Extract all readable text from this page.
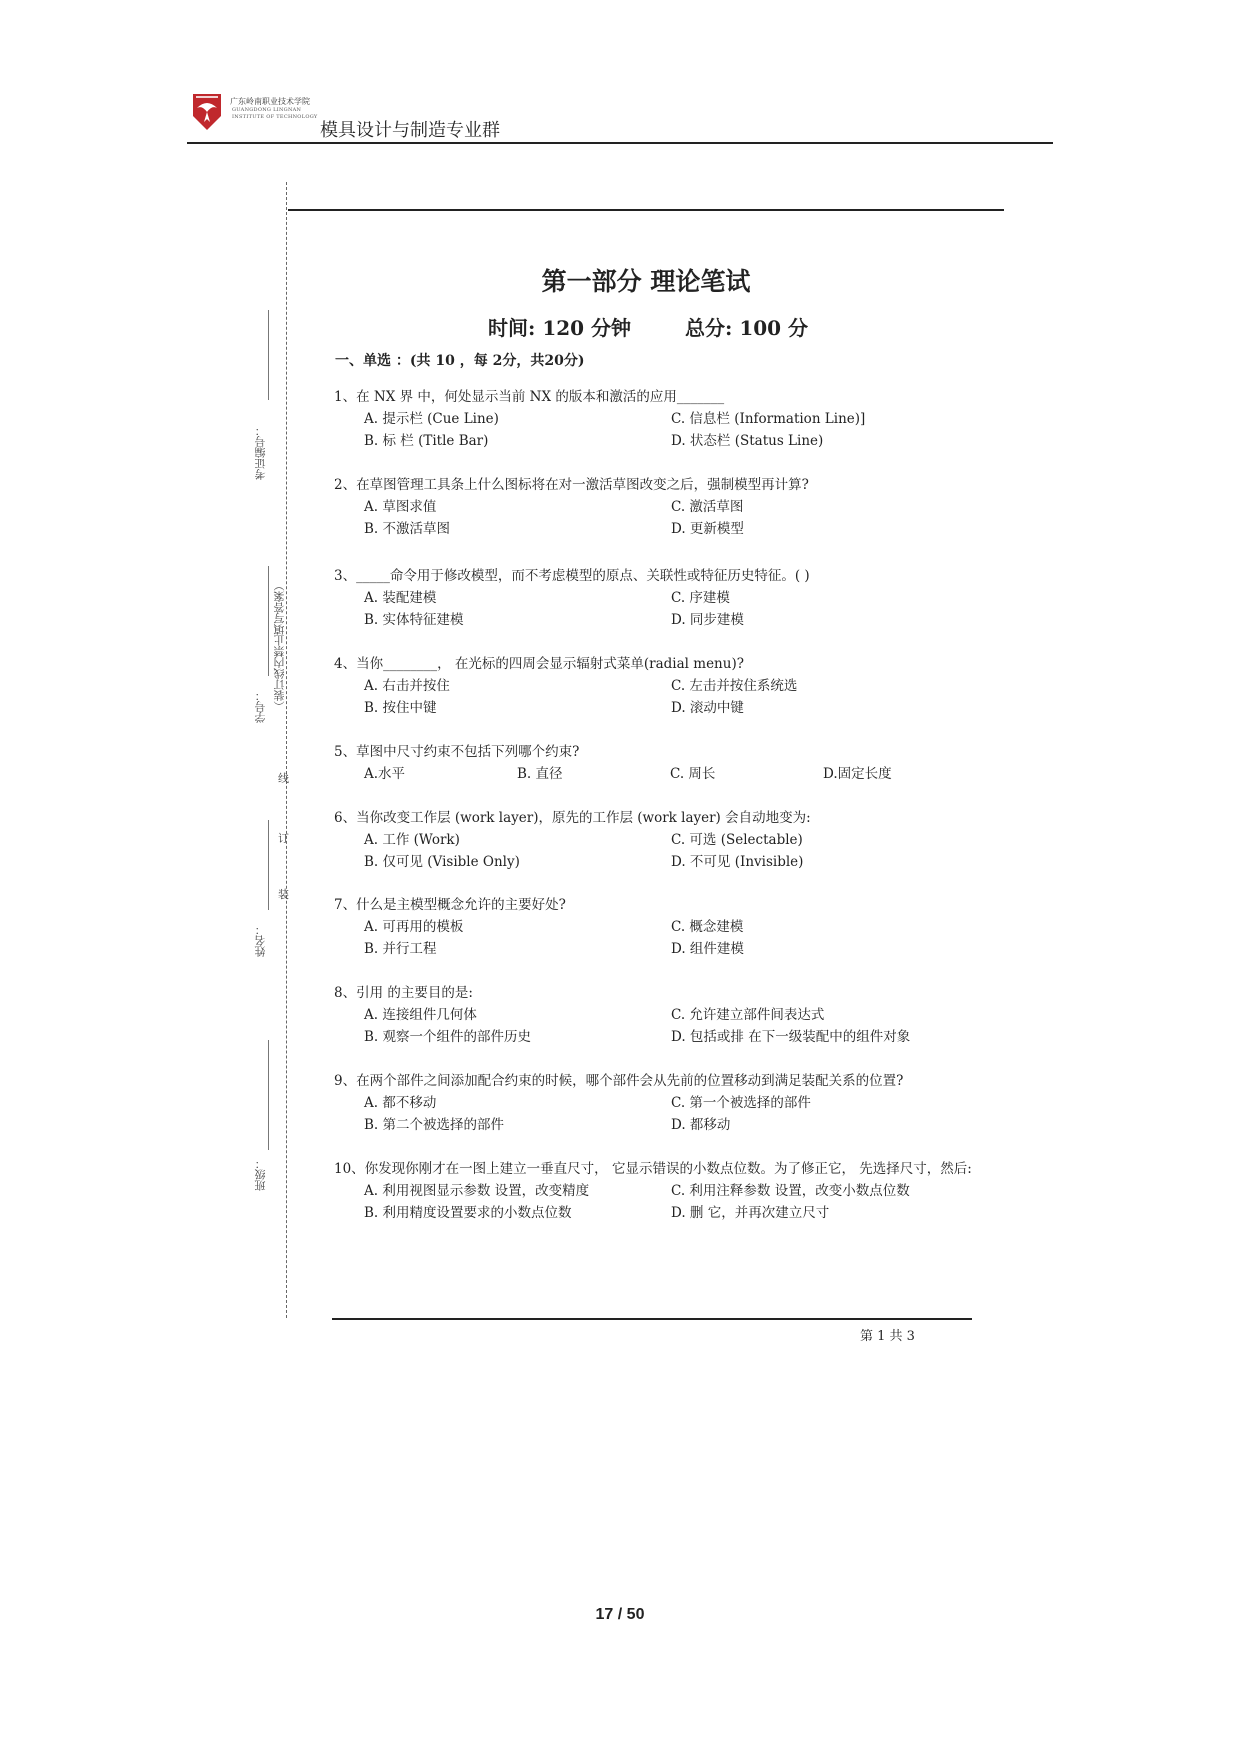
广东岭南职业技术学院
GUANGDONG LINGNAN
INSTITUTE OF TECHNOLOGY
模具设计与制造专业群
考证编号：
学号： （装订线内禁止填写答案）
线
订
装
姓名：
班级：
第一部分 理论笔试
时间: 120 分钟	总分: 100 分
一、单选 ：(共 10 ，每 2分，共20分)
1、在 NX 界 中，何处显示当前 NX 的版本和激活的应用_______
A. 提示栏 (Cue Line)	C. 信息栏 (Information Line)]
B. 标 栏 (Title Bar)	D. 状态栏 (Status Line)
2、在草图管理工具条上什么图标将在对一激活草图改变之后，强制模型再计算?
A. 草图求值	C. 激活草图
B. 不激活草图	D. 更新模型
3、_____命令用于修改模型，而不考虑模型的原点、关联性或特征历史特征。( )
A. 装配建模	C. 序建模
B. 实体特征建模	D. 同步建模
4、当你________， 在光标的四周会显示辐射式菜单(radial menu)?
A. 右击并按住	C. 左击并按住系统选
B. 按住中键	D. 滚动中键
5、草图中尺寸约束不包括下列哪个约束?
A.水平	B. 直径	C. 周长	D.固定长度
6、当你改变工作层 (work layer)，原先的工作层 (work layer) 会自动地变为:
A. 工作 (Work)	C. 可选 (Selectable)
B. 仅可见 (Visible Only)	D. 不可见 (Invisible)
7、什么是主模型概念允许的主要好处?
A. 可再用的模板	C. 概念建模
B. 并行工程	D. 组件建模
8、引用 的主要目的是:
A. 连接组件几何体	C. 允许建立部件间表达式
B. 观察一个组件的部件历史	D. 包括或排 在下一级装配中的组件对象
9、在两个部件之间添加配合约束的时候，哪个部件会从先前的位置移动到满足装配关系的位置?
A. 都不移动	C. 第一个被选择的部件
B. 第二个被选择的部件	D. 都移动
10、你发现你刚才在一图上建立一垂直尺寸， 它显示错误的小数点位数。为了修正它， 先选择尺寸，然后:
A. 利用视图显示参数 设置，改变精度	C. 利用注释参数 设置，改变小数点位数
B. 利用精度设置要求的小数点位数	D. 删 它，并再次建立尺寸
第 1 共 3
17 / 50
